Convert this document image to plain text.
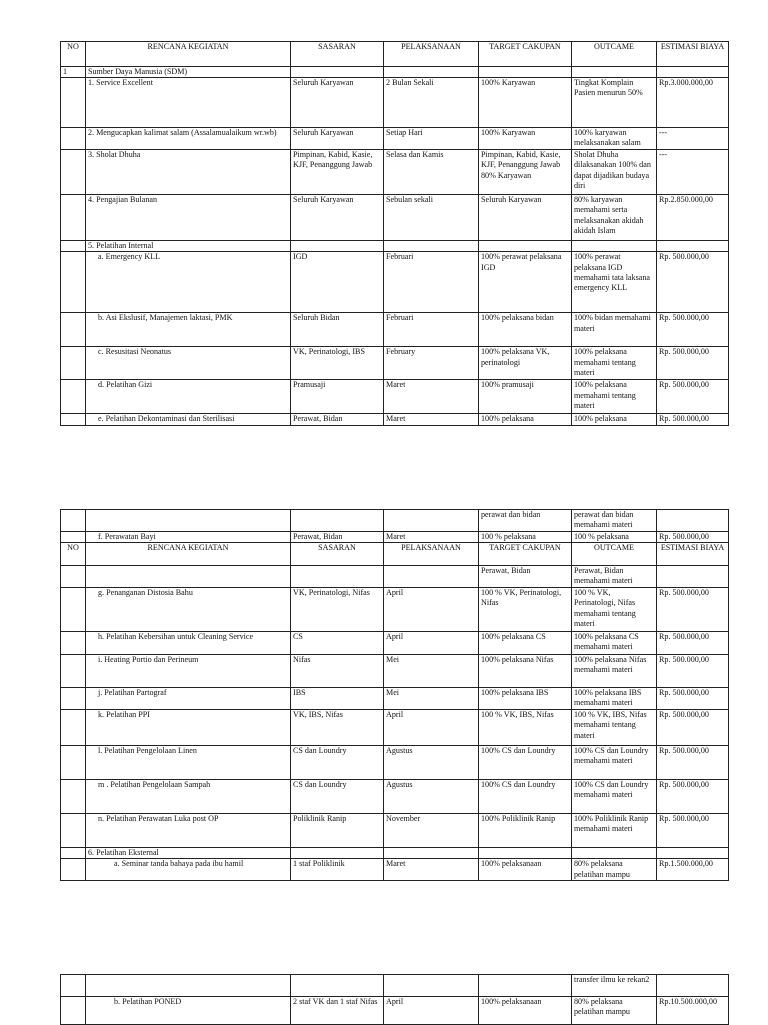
NO	RENCANA KEGIATAN	SASARAN	PELAKSANAAN	TARGET CAKUPAN	OUTCAME	ESTIMASI BIAYA
1	Sumber Daya Manusia (SDM)					
	1. Service Excellent	Seluruh Karyawan	2 Bulan Sekali	100% Karyawan	Tingkat Komplain Pasien menurun 50%	Rp.3.000.000,00
	2. Mengucapkan kalimat salam (Assalamualaikum wr.wb)	Seluruh Karyawan	Setiap Hari	100% Karyawan	100% karyawan melaksanakan salam	---
	3. Sholat Dhuha	Pimpinan, Kabid, Kasie, KJF, Penanggung Jawab	Selasa dan Kamis	Pimpinan, Kabid, Kasie, KJF, Penanggung Jawab 80% Karyawan	Sholat Dhuha dilaksanakan 100% dan dapat dijadikan budaya diri	---
	4. Pengajian Bulanan	Seluruh Karyawan	Sebulan sekali	Seluruh Karyawan	80% karyawan memahami serta melaksanakan akidah akidah Islam	Rp.2.850.000,00
	5. Pelatihan Internal					
	a. Emergency KLL	IGD	Februari	100% perawat pelaksana IGD	100% perawat pelaksana IGD memahami tata laksana emergency KLL	Rp. 500.000,00
	b. Asi Ekslusif, Manajemen laktasi, PMK	Seluruh Bidan	Februari	100% pelaksana bidan	100% bidan memahami materi	Rp. 500.000,00
	c. Resusitasi Neonatus	VK, Perinatologi, IBS	February	100% pelaksana VK, perinatologi	100% pelaksana memahami tentang materi	Rp. 500.000,00
	d. Pelatihan Gizi	Pramusaji	Maret	100% pramusaji	100% pelaksana memahami tentang materi	Rp. 500.000,00
	e. Pelatihan Dekontaminasi dan Sterilisasi	Perawat, Bidan	Maret	100% pelaksana	100% pelaksana	Rp. 500.000,00
				perawat dan bidan	perawat dan bidan memahami materi	
	f. Perawatan Bayi	Perawat, Bidan	Maret	100 % pelaksana	100 % pelaksana	Rp. 500.000,00
NO	RENCANA KEGIATAN	SASARAN	PELAKSANAAN	TARGET CAKUPAN	OUTCAME	ESTIMASI BIAYA
				Perawat, Bidan	Perawat, Bidan memahami materi	
	g. Penanganan Distosia Bahu	VK, Perinatologi, Nifas	April	100 % VK, Perinatologi, Nifas	100 % VK, Perinatologi, Nifas memahami tentang materi	Rp. 500.000,00
	h. Pelatihan Kebersihan untuk Cleaning Service	CS	April	100% pelaksana CS	100% pelaksana CS memahami materi	Rp. 500.000,00
	i. Heating Portio dan Perineum	Nifas	Mei	100% pelaksana Nifas	100% pelaksana Nifas memahami materi	Rp. 500.000,00
	j. Pelatihan Partograf	IBS	Mei	100% pelaksana IBS	100% pelaksana IBS memahami materi	Rp. 500.000,00
	k. Pelatihan PPI	VK, IBS, Nifas	April	100 % VK, IBS, Nifas	100 % VK, IBS, Nifas memahami tentang materi	Rp. 500.000,00
	l. Pelatihan Pengelolaan Linen	CS dan Loundry	Agustus	100% CS dan Loundry	100% CS dan Loundry memahami materi	Rp. 500.000,00
	m . Pelatihan Pengelolaan Sampah	CS dan Loundry	Agustus	100% CS dan Loundry	100% CS dan Loundry memahami materi	Rp. 500.000,00
	n. Pelatihan Perawatan Luka post OP	Poliklinik Ranip	November	100% Poliklinik Ranip	100% Poliklinik Ranip memahami materi	Rp. 500.000,00
	6. Pelatihan Eksternal					
	a. Seminar tanda bahaya pada ibu hamil	1 staf Poliklinik	Maret	100% pelaksanaan	80% pelaksana pelatihan mampu	Rp.1.500.000,00
					transfer ilmu ke rekan2	
	b. Pelatihan PONED	2 staf VK dan 1 staf Nifas	April	100% pelaksanaan	80% pelaksana pelatihan mampu	Rp.10.500.000,00
